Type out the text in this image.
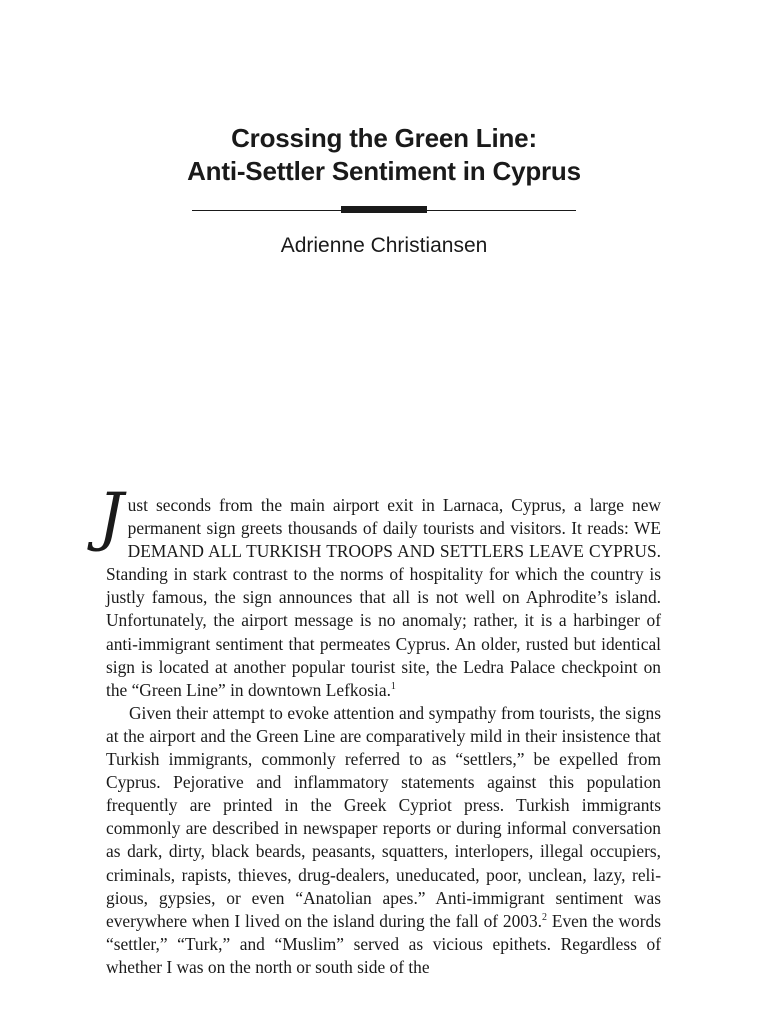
Crossing the Green Line:
Anti-Settler Sentiment in Cyprus
Adrienne Christiansen

Just seconds from the main airport exit in Larnaca, Cyprus, a large new permanent sign greets thousands of daily tourists and visitors. It reads: WE DEMAND ALL TURKISH TROOPS AND SETTLERS LEAVE CYPRUS. Standing in stark contrast to the norms of hospitality for which the country is justly famous, the sign announces that all is not well on Aphrodite’s island. Unfortunately, the airport message is no anomaly; rather, it is a harbinger of anti-immigrant sentiment that permeates Cyprus. An older, rusted but identical sign is located at another popular tourist site, the Ledra Palace checkpoint on the “Green Line” in downtown Lefkosia.$^1$

Given their attempt to evoke attention and sympathy from tourists, the signs at the airport and the Green Line are comparatively mild in their insistence that Turkish immigrants, commonly referred to as “settlers,” be expelled from Cyprus. Pejorative and inflammatory statements against this population frequently are printed in the Greek Cypriot press. Turkish immigrants commonly are described in newspaper reports or during informal conversation as dark, dirty, black beards, peasants, squatters, interlopers, illegal occupiers, criminals, rapists, thieves, drug-dealers, uneducated, poor, unclean, lazy, religious, gypsies, or even “Anatolian apes.” Anti-immigrant sentiment was everywhere when I lived on the island during the fall of 2003.$^2$ Even the words “settler,” “Turk,” and “Muslim” served as vicious epithets. Regardless of whether I was on the north or south side of the
